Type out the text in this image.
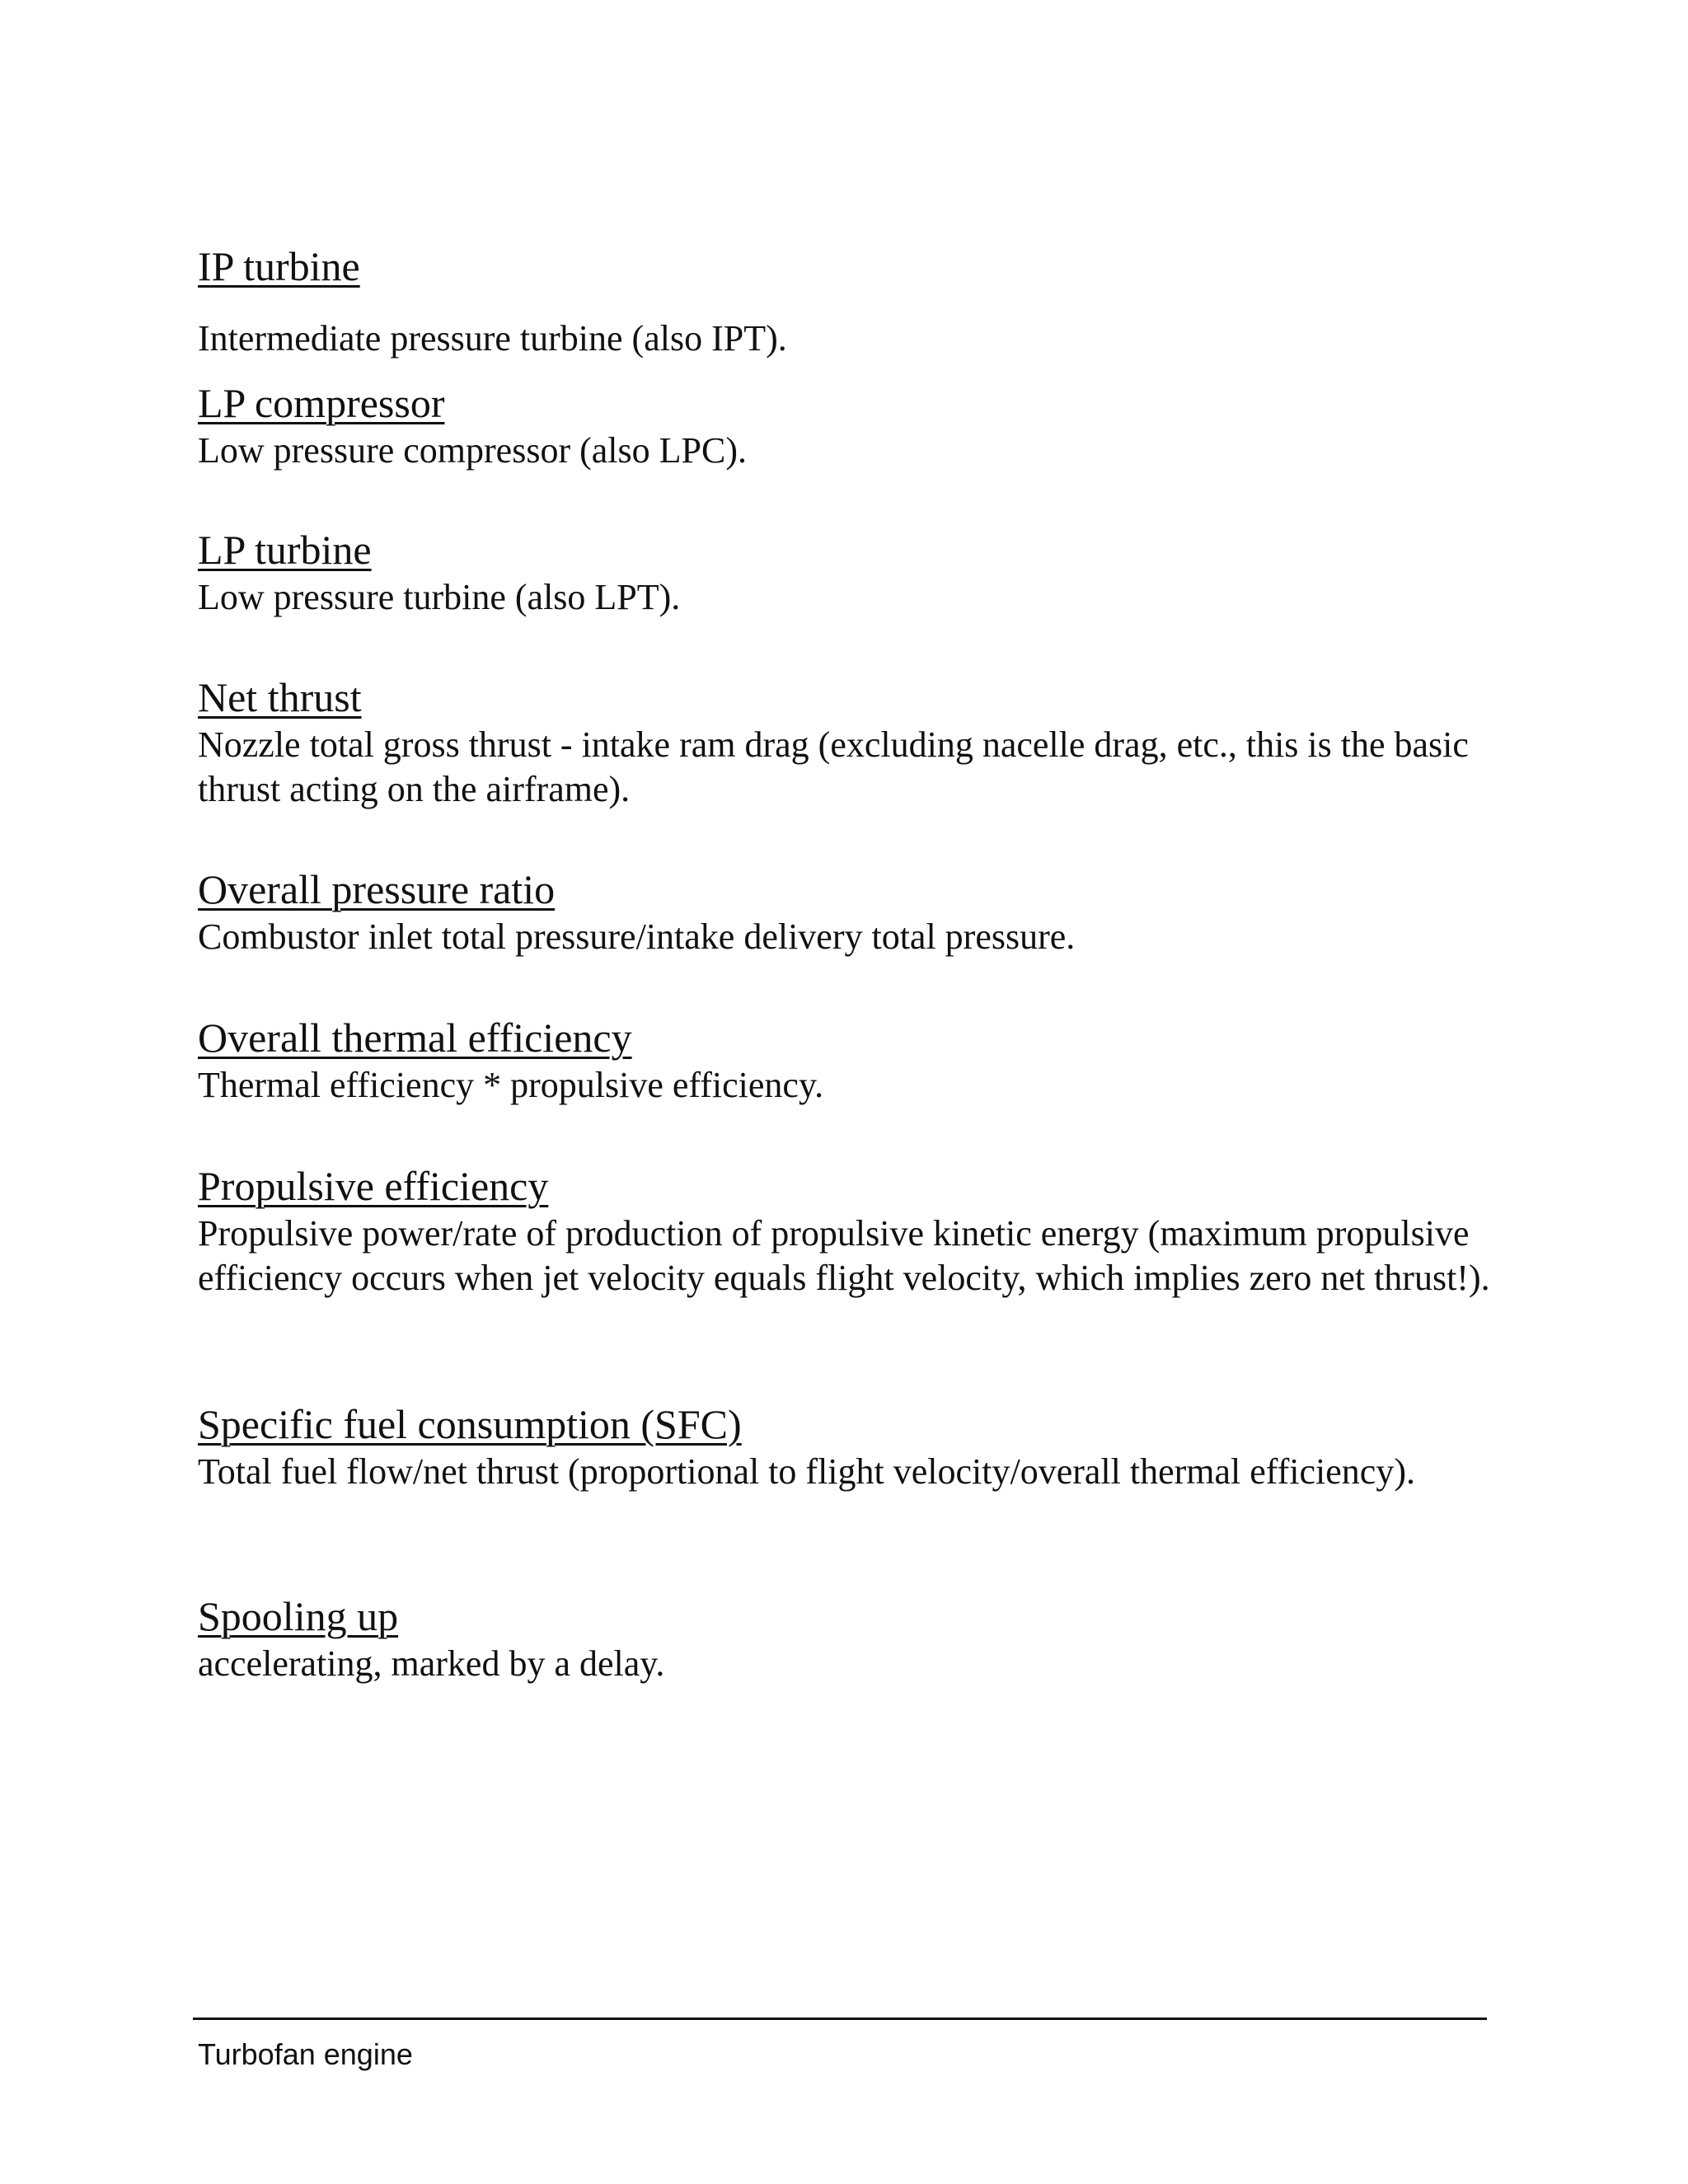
IP turbine

Intermediate pressure turbine (also IPT).

LP compressor

Low pressure compressor (also LPC).

LP turbine

Low pressure turbine (also LPT).

Net thrust

Nozzle total gross thrust - intake ram drag (excluding nacelle drag, etc., this is the basic thrust acting on the airframe).

Overall pressure ratio

Combustor inlet total pressure/intake delivery total pressure.

Overall thermal efficiency

Thermal efficiency * propulsive efficiency.

Propulsive efficiency

Propulsive power/rate of production of propulsive kinetic energy (maximum propulsive efficiency occurs when jet velocity equals flight velocity, which implies zero net thrust!).

Specific fuel consumption (SFC)

Total fuel flow/net thrust (proportional to flight velocity/overall thermal efficiency).

Spooling up

accelerating, marked by a delay.

Turbofan engine
